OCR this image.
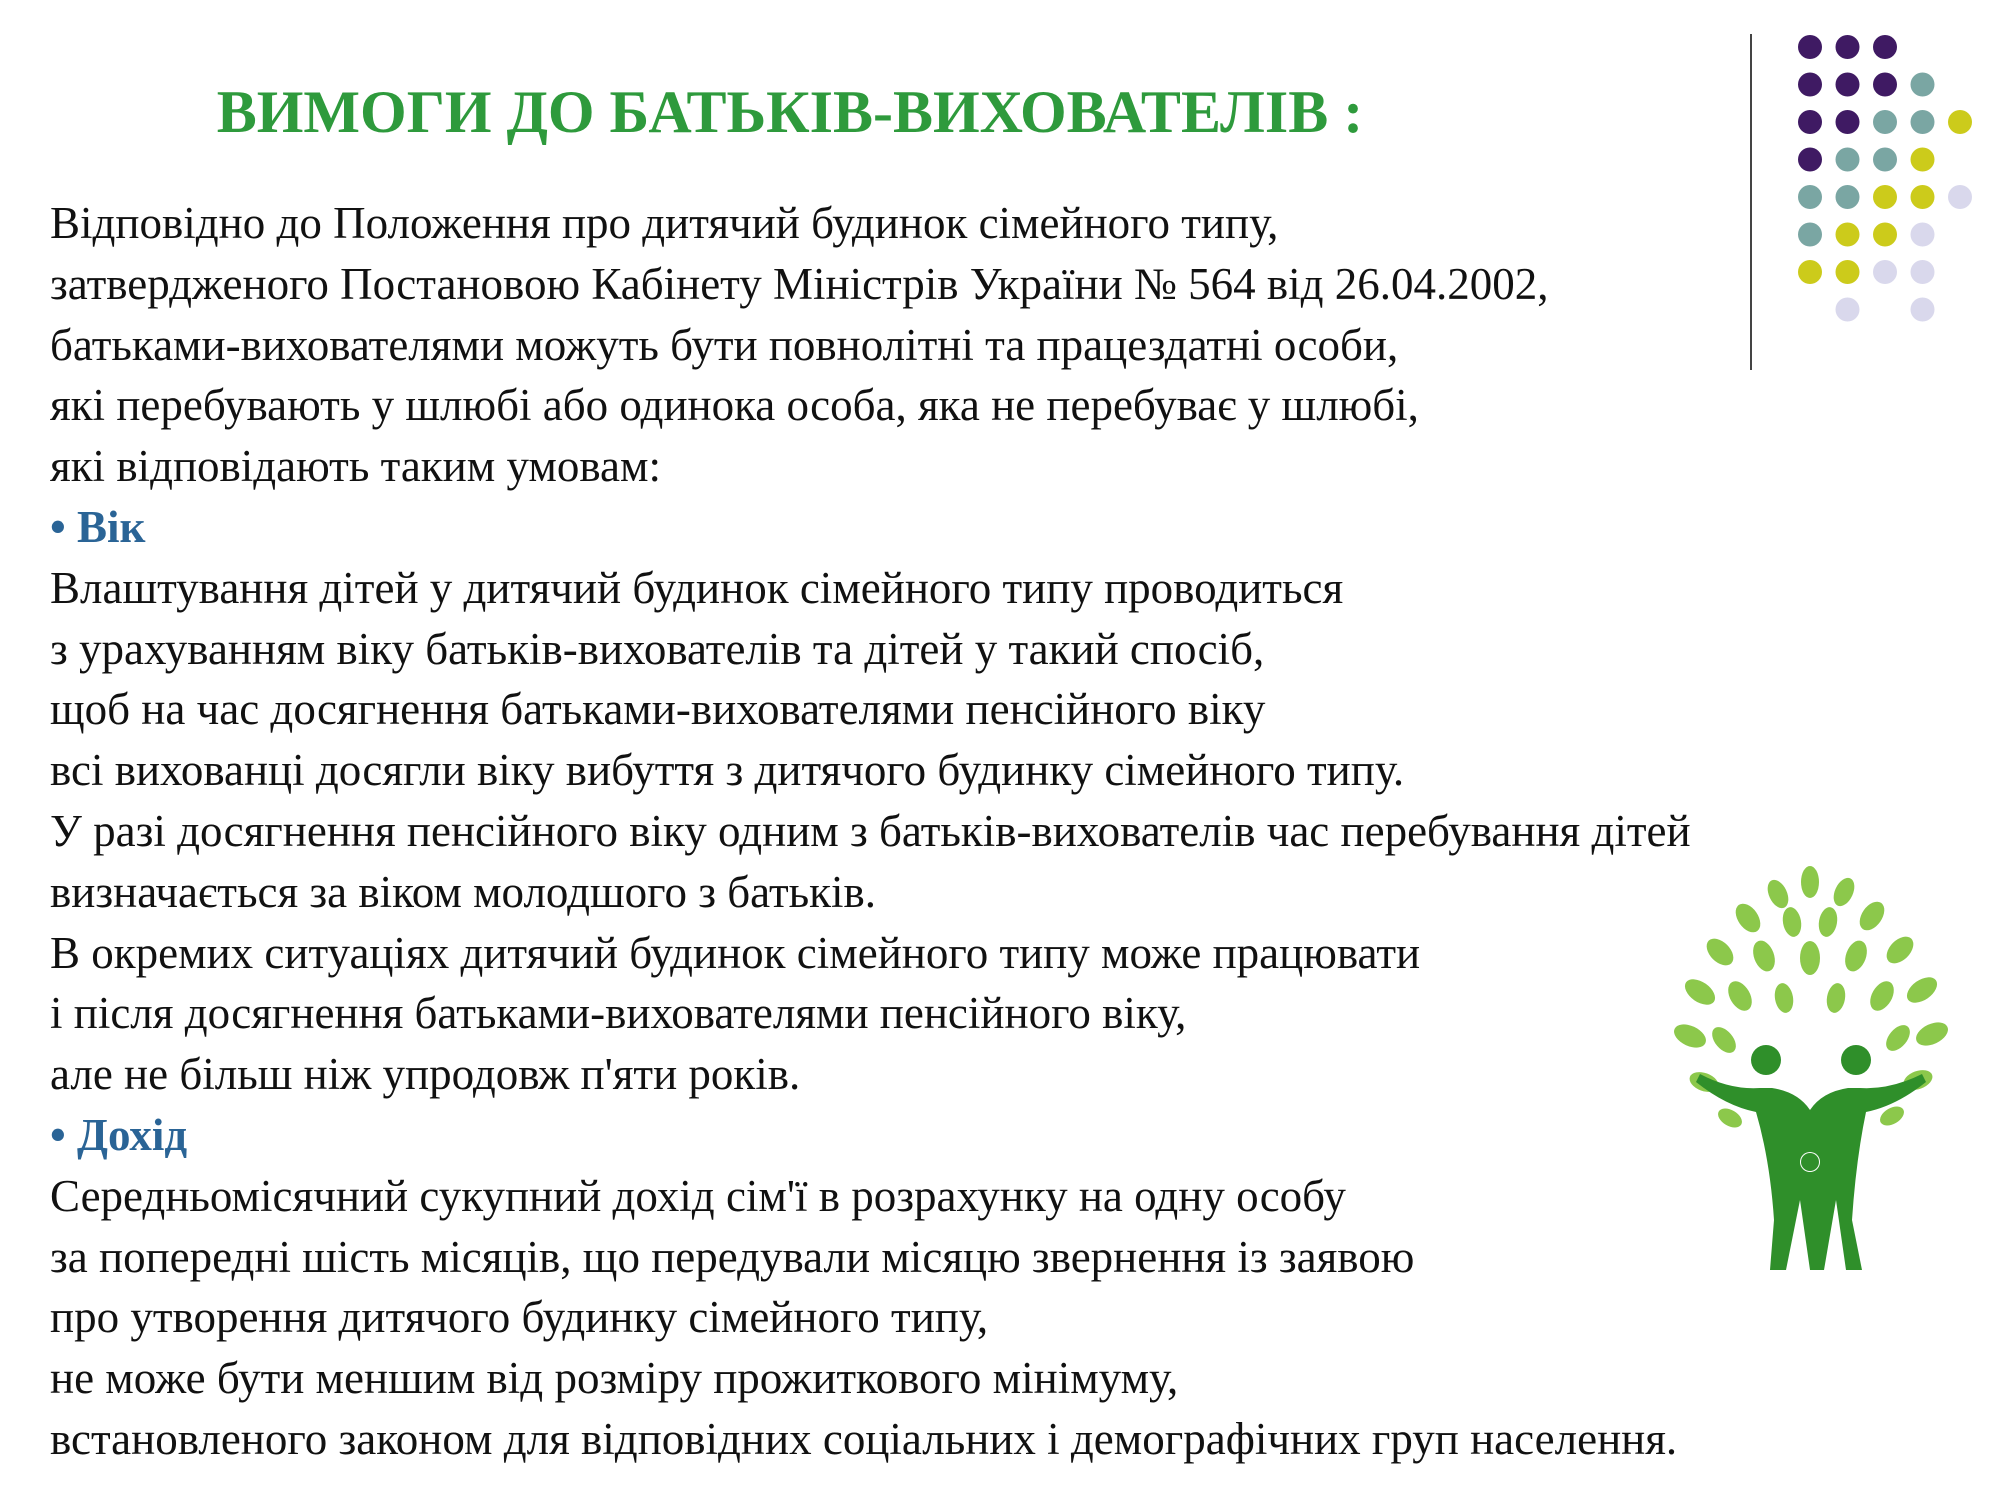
ВИМОГИ ДО БАТЬКІВ-ВИХОВАТЕЛІВ :
Відповідно до Положення про дитячий будинок сімейного типу,
затвердженого Постановою Кабінету Міністрів України № 564 від 26.04.2002,
батьками-вихователями можуть бути повнолітні та працездатні особи,
які перебувають у шлюбі або одинока особа, яка не перебуває у шлюбі,
які відповідають таким умовам:
• Вік
Влаштування дітей у дитячий будинок сімейного типу проводиться
з урахуванням віку батьків-вихователів та дітей у такий спосіб,
щоб на час досягнення батьками-вихователями пенсійного віку
всі вихованці досягли віку вибуття з дитячого будинку сімейного типу.
У разі досягнення пенсійного віку одним з батьків-вихователів час перебування дітей
визначається за віком молодшого з батьків.
В окремих ситуаціях дитячий будинок сімейного типу може працювати
і після досягнення батьками-вихователями пенсійного віку,
але не більш ніж упродовж п'яти років.
• Дохід
Середньомісячний сукупний дохід сім'ї в розрахунку на одну особу
за попередні шість місяців, що передували місяцю звернення із заявою
про утворення дитячого будинку сімейного типу,
не може бути меншим від розміру прожиткового мінімуму,
встановленого законом для відповідних соціальних і демографічних груп населення.
